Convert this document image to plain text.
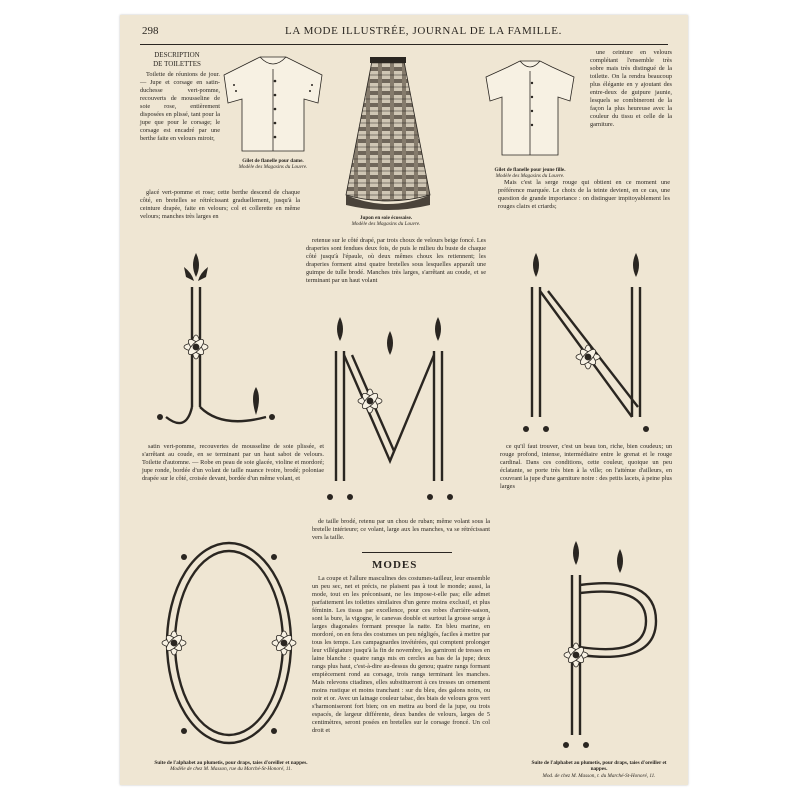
298	LA MODE ILLUSTRÉE, JOURNAL DE LA FAMILLE.
DESCRIPTION
DE TOILETTES

Toilette de réunions de jour. — Jupe et corsage en satin-duchesse vert-pomme, recouverts de mousseline de soie rose, entièrement disposées en plissé, tant pour la jupe que pour le corsage; le corsage est encadré par une berthe faite en velours miroir,

glacé vert-pomme et rose; cette berthe descend de chaque côté, en bretelles se rétrécissant graduellement, jusqu'à la ceinture drapée, faite en velours; col et collerette en même velours; manches très larges en

retenue sur le côté drapé, par trois choux de velours beige foncé. Les draperies sont fendues deux fois, de puis le milieu du buste de chaque côté jusqu'à l'épaule, où deux mêmes choux les retiennent; les draperies forment ainsi quatre bretelles sous lesquelles apparaît une guimpe de tulle brodé. Manches très larges, s'arrêtant au coude, et se terminant par un haut volant

une ceinture en velours complétant l'ensemble très sobre mais très distingué de la toilette. On la rendra beaucoup plus élégante en y ajoutant des entre-deux de guipure jaunie, lesquels se combineront de la façon la plus heureuse avec la couleur du tissu et celle de la garniture.

Mais c'est la serge rouge qui obtient en ce moment une préférence marquée. Le choix de la teinte devient, en ce cas, une question de grande importance : on distinguer impitoyablement les rouges clairs et criards;

satin vert-pomme, recouvertes de mousseline de soie plissée, et s'arrêtant au coude, en se terminant par un haut sabot de velours. Toilette d'automne. — Robe en peau de soie glacée, violine et mordoré; jupe ronde, bordée d'un volant de taille nuance ivoire, brodé; poloniae drapée sur le côté, croisée devant, bordée d'un même volant, et

de taille brodé, retenu par un chou de ruban; même volant sous la bretelle intérieure; ce volant, large aux les manches, va se rétrécissant vers la taille.

ce qu'il faut trouver, c'est un beau ton, riche, bien coudeux; un rouge profond, intense, intermédiaire entre le grenat et le rouge cardinal. Dans ces conditions, cette couleur, quoique un peu éclatante, se porte très bien à la ville; on l'atténue d'ailleurs, en couvrant la jupe d'une garniture noire : des petits lacets, à peine plus larges

MODES

La coupe et l'allure masculines des costumes-tailleur, leur ensemble un peu sec, net et précis, ne plaisent pas à tout le monde; aussi, la mode, tout en les préconisant, ne les impose-t-elle pas; elle admet parfaitement les toilettes similaires d'un genre moins exclusif, et plus féminin. Les tissus par excellence, pour ces robes d'arrière-saison, sont la bure, la vigogne, le canevas double et surtout la grosse serge à larges diagonales formant presque la natte. En bleu marine, en mordoré, on en fera des costumes un peu négligés, faciles à mettre par tous les temps. Les campagnardes invétérées, qui comptent prolonger leur villégiature jusqu'à la fin de novembre, les garniront de tresses en laine blanche : quatre rangs mis en cercles au bas de la jupe; deux rangs plus haut, c'est-à-dire au-dessus du genou; quatre rangs formant empiècement rond au corsage, trois rangs terminant les manches. Mais relevons citadines, elles substitueront à ces tresses un ornement moins rustique et moins tranchant : sur du bleu, des galons noirs, ou noir et or. Avec un lainage couleur tabac, des biais de velours gros vert s'harmoniseront fort bien; on en mettra au bord de la jupe, ou trois espacés, de largeur différente, deux bandes de velours, larges de 5 centimètres, seront posées en bretelles sur le corsage froncé. Un col droit et

Gilet de flanelle pour dame.
Modèle des Magasins du Louvre.
Jupon en soie écossaise.
Modèle des Magasins du Louvre.
Gilet de flanelle pour jeune fille.
Modèle des Magasins du Louvre.
Suite de l'alphabet au plumetis, pour draps, taies d'oreiller et nappes.
Modèle de chez M. Masson, rue du Marché-St-Honoré, 11.
Suite de l'alphabet au plumetis, pour draps, taies d'oreiller et nappes.
Mod. de chez M. Masson, r. du Marché-St-Honoré, 11.
